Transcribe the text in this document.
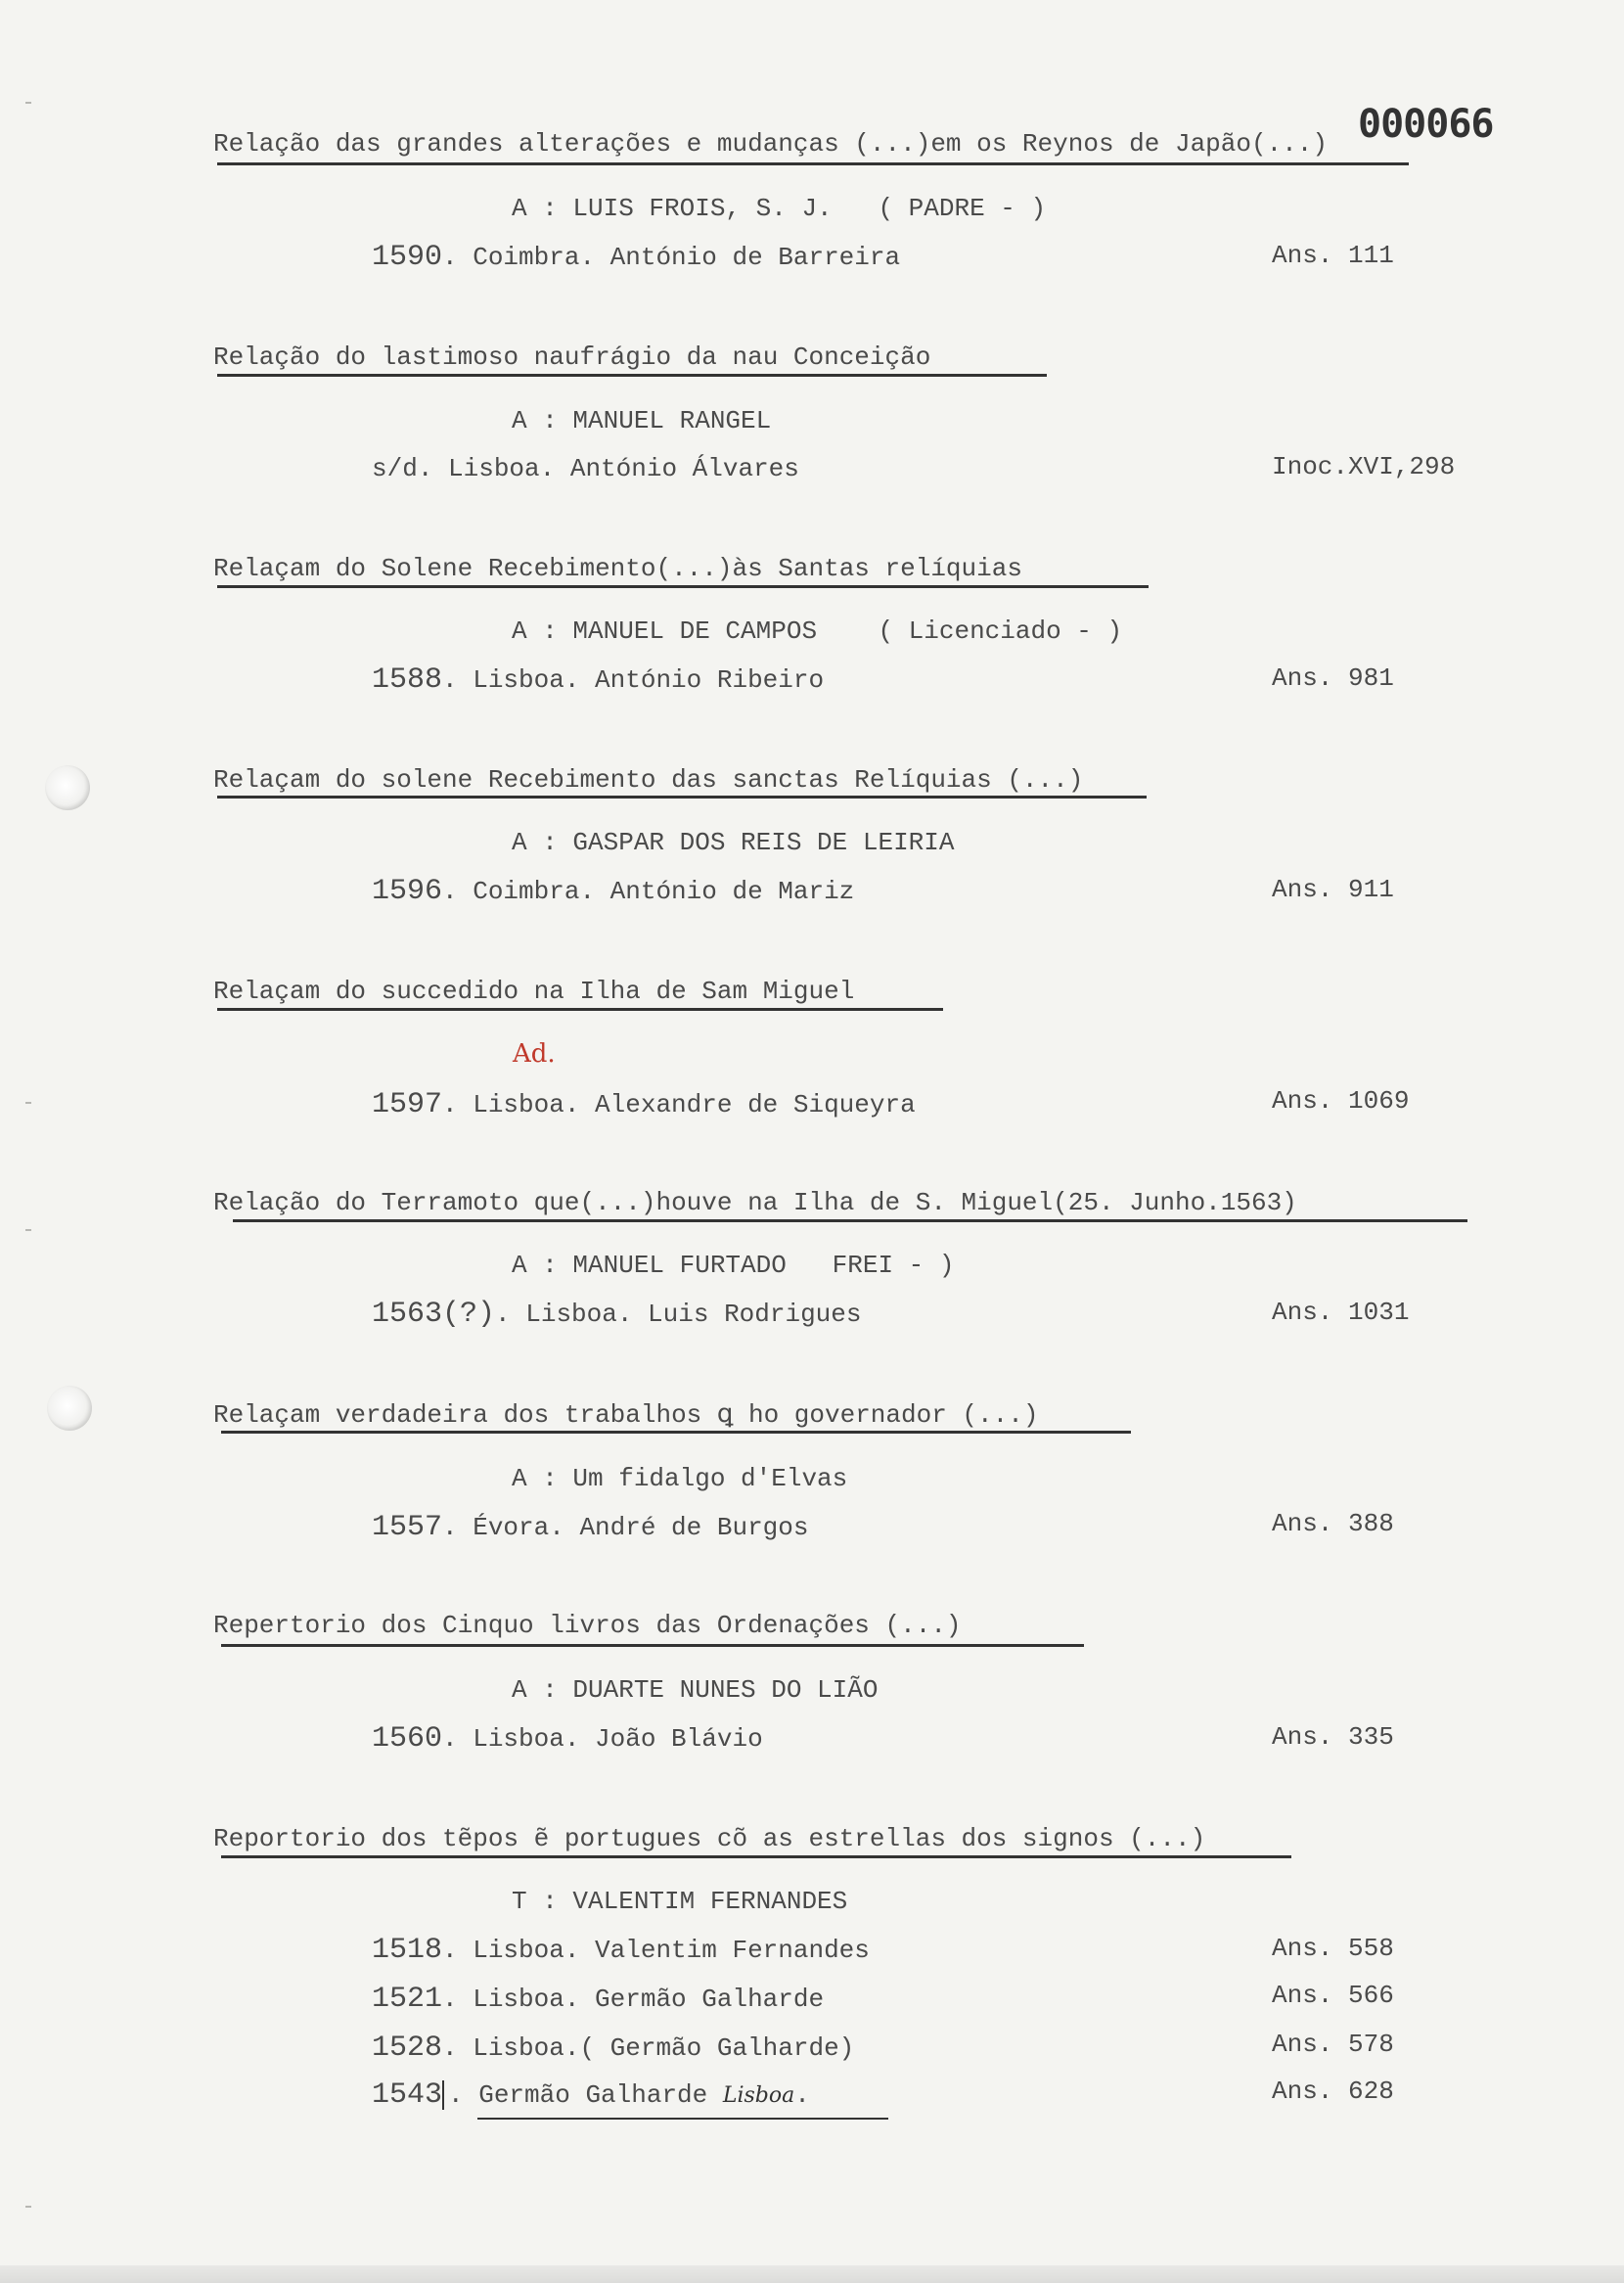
000066
Relação das grandes alterações e mudanças (...)em os Reynos de Japão(...)
A : LUIS FROIS, S. J.   ( PADRE - )
1590. Coimbra. António de Barreira	Ans. 111
Relação do lastimoso naufrágio da nau Conceição
A : MANUEL RANGEL
s/d. Lisboa. António Álvares	Inoc.XVI,298
Relaçam do Solene Recebimento(...)às Santas relíquias
A : MANUEL DE CAMPOS    ( Licenciado - )
1588. Lisboa. António Ribeiro	Ans. 981
Relaçam do solene Recebimento das sanctas Relíquias (...)
A : GASPAR DOS REIS DE LEIRIA
1596. Coimbra. António de Mariz	Ans. 911
Relaçam do succedido na Ilha de Sam Miguel
Ad.
1597. Lisboa. Alexandre de Siqueyra	Ans. 1069
Relação do Terramoto que(...)houve na Ilha de S. Miguel(25. Junho.1563)
A : MANUEL FURTADO   FREI - )
1563(?). Lisboa. Luis Rodrigues	Ans. 1031
Relaçam verdadeira dos trabalhos ꝗ ho governador (...)
A : Um fidalgo d'Elvas
1557. Évora. André de Burgos	Ans. 388
Repertorio dos Cinquo livros das Ordenações (...)
A : DUARTE NUNES DO LIÃO
1560. Lisboa. João Blávio	Ans. 335
Reportorio dos tẽpos ẽ portugues cõ as estrellas dos signos (...)
T : VALENTIM FERNANDES
1518. Lisboa. Valentim Fernandes	Ans. 558
1521. Lisboa. Germão Galharde	Ans. 566
1528. Lisboa.( Germão Galharde)	Ans. 578
1543 . Germão Galharde Lisboa.	Ans. 628
